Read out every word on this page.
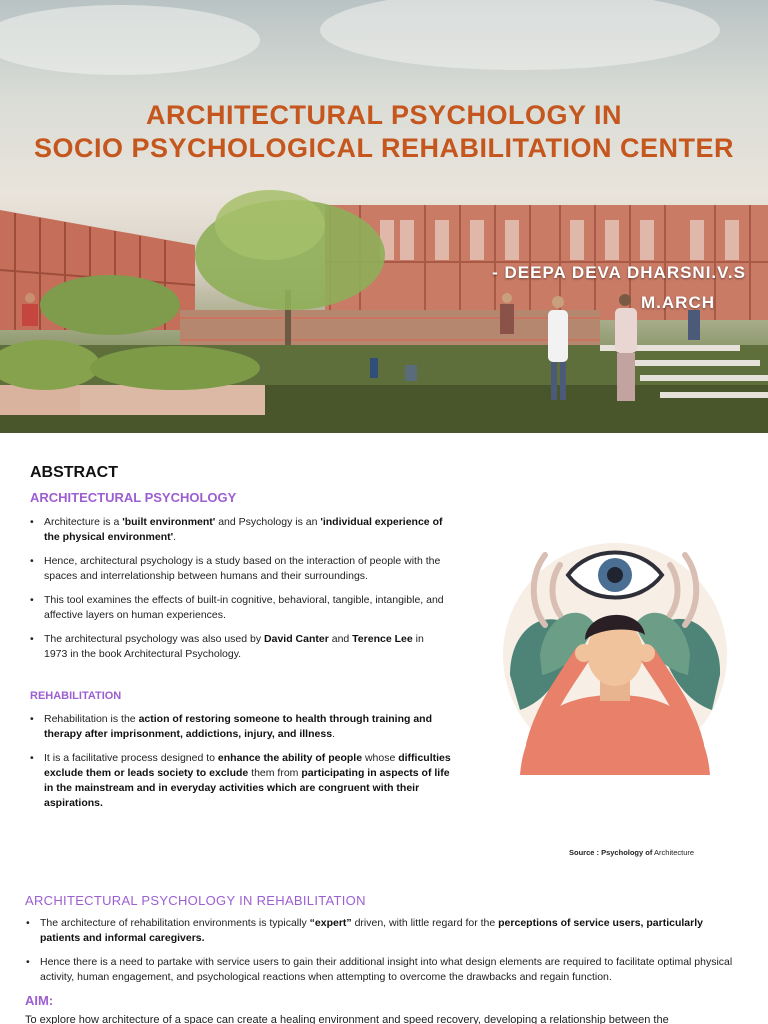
ARCHITECTURAL PSYCHOLOGY IN
SOCIO PSYCHOLOGICAL REHABILITATION CENTER
- DEEPA DEVA DHARSNI.V.S
M.ARCH
ABSTRACT
ARCHITECTURAL PSYCHOLOGY
• Architecture is a 'built environment' and Psychology is an 'individual experience of the physical environment'.
• Hence, architectural psychology is a study based on the interaction of people with the spaces and interrelationship between humans and their surroundings.
• This tool examines the effects of built-in cognitive, behavioral, tangible, intangible, and affective layers on human experiences.
• The architectural psychology was also used by David Canter and Terence Lee in 1973 in the book Architectural Psychology.
REHABILITATION
• Rehabilitation is the action of restoring someone to health through training and therapy after imprisonment, addictions, injury, and illness.
• It is a facilitative process designed to enhance the ability of people whose difficulties exclude them or leads society to exclude them from participating in aspects of life in the mainstream and in everyday activities which are congruent with their aspirations.
Source : Psychology of Architecture
ARCHITECTURAL PSYCHOLOGY IN REHABILITATION
• The architecture of rehabilitation environments is typically “expert” driven, with little regard for the perceptions of service users, particularly patients and informal caregivers.
• Hence there is a need to partake with service users to gain their additional insight into what design elements are required to facilitate optimal physical activity, human engagement, and psychological reactions when attempting to overcome the drawbacks and regain function.
AIM:
To explore how architecture of a space can create a healing environment and speed recovery, developing a relationship between the
